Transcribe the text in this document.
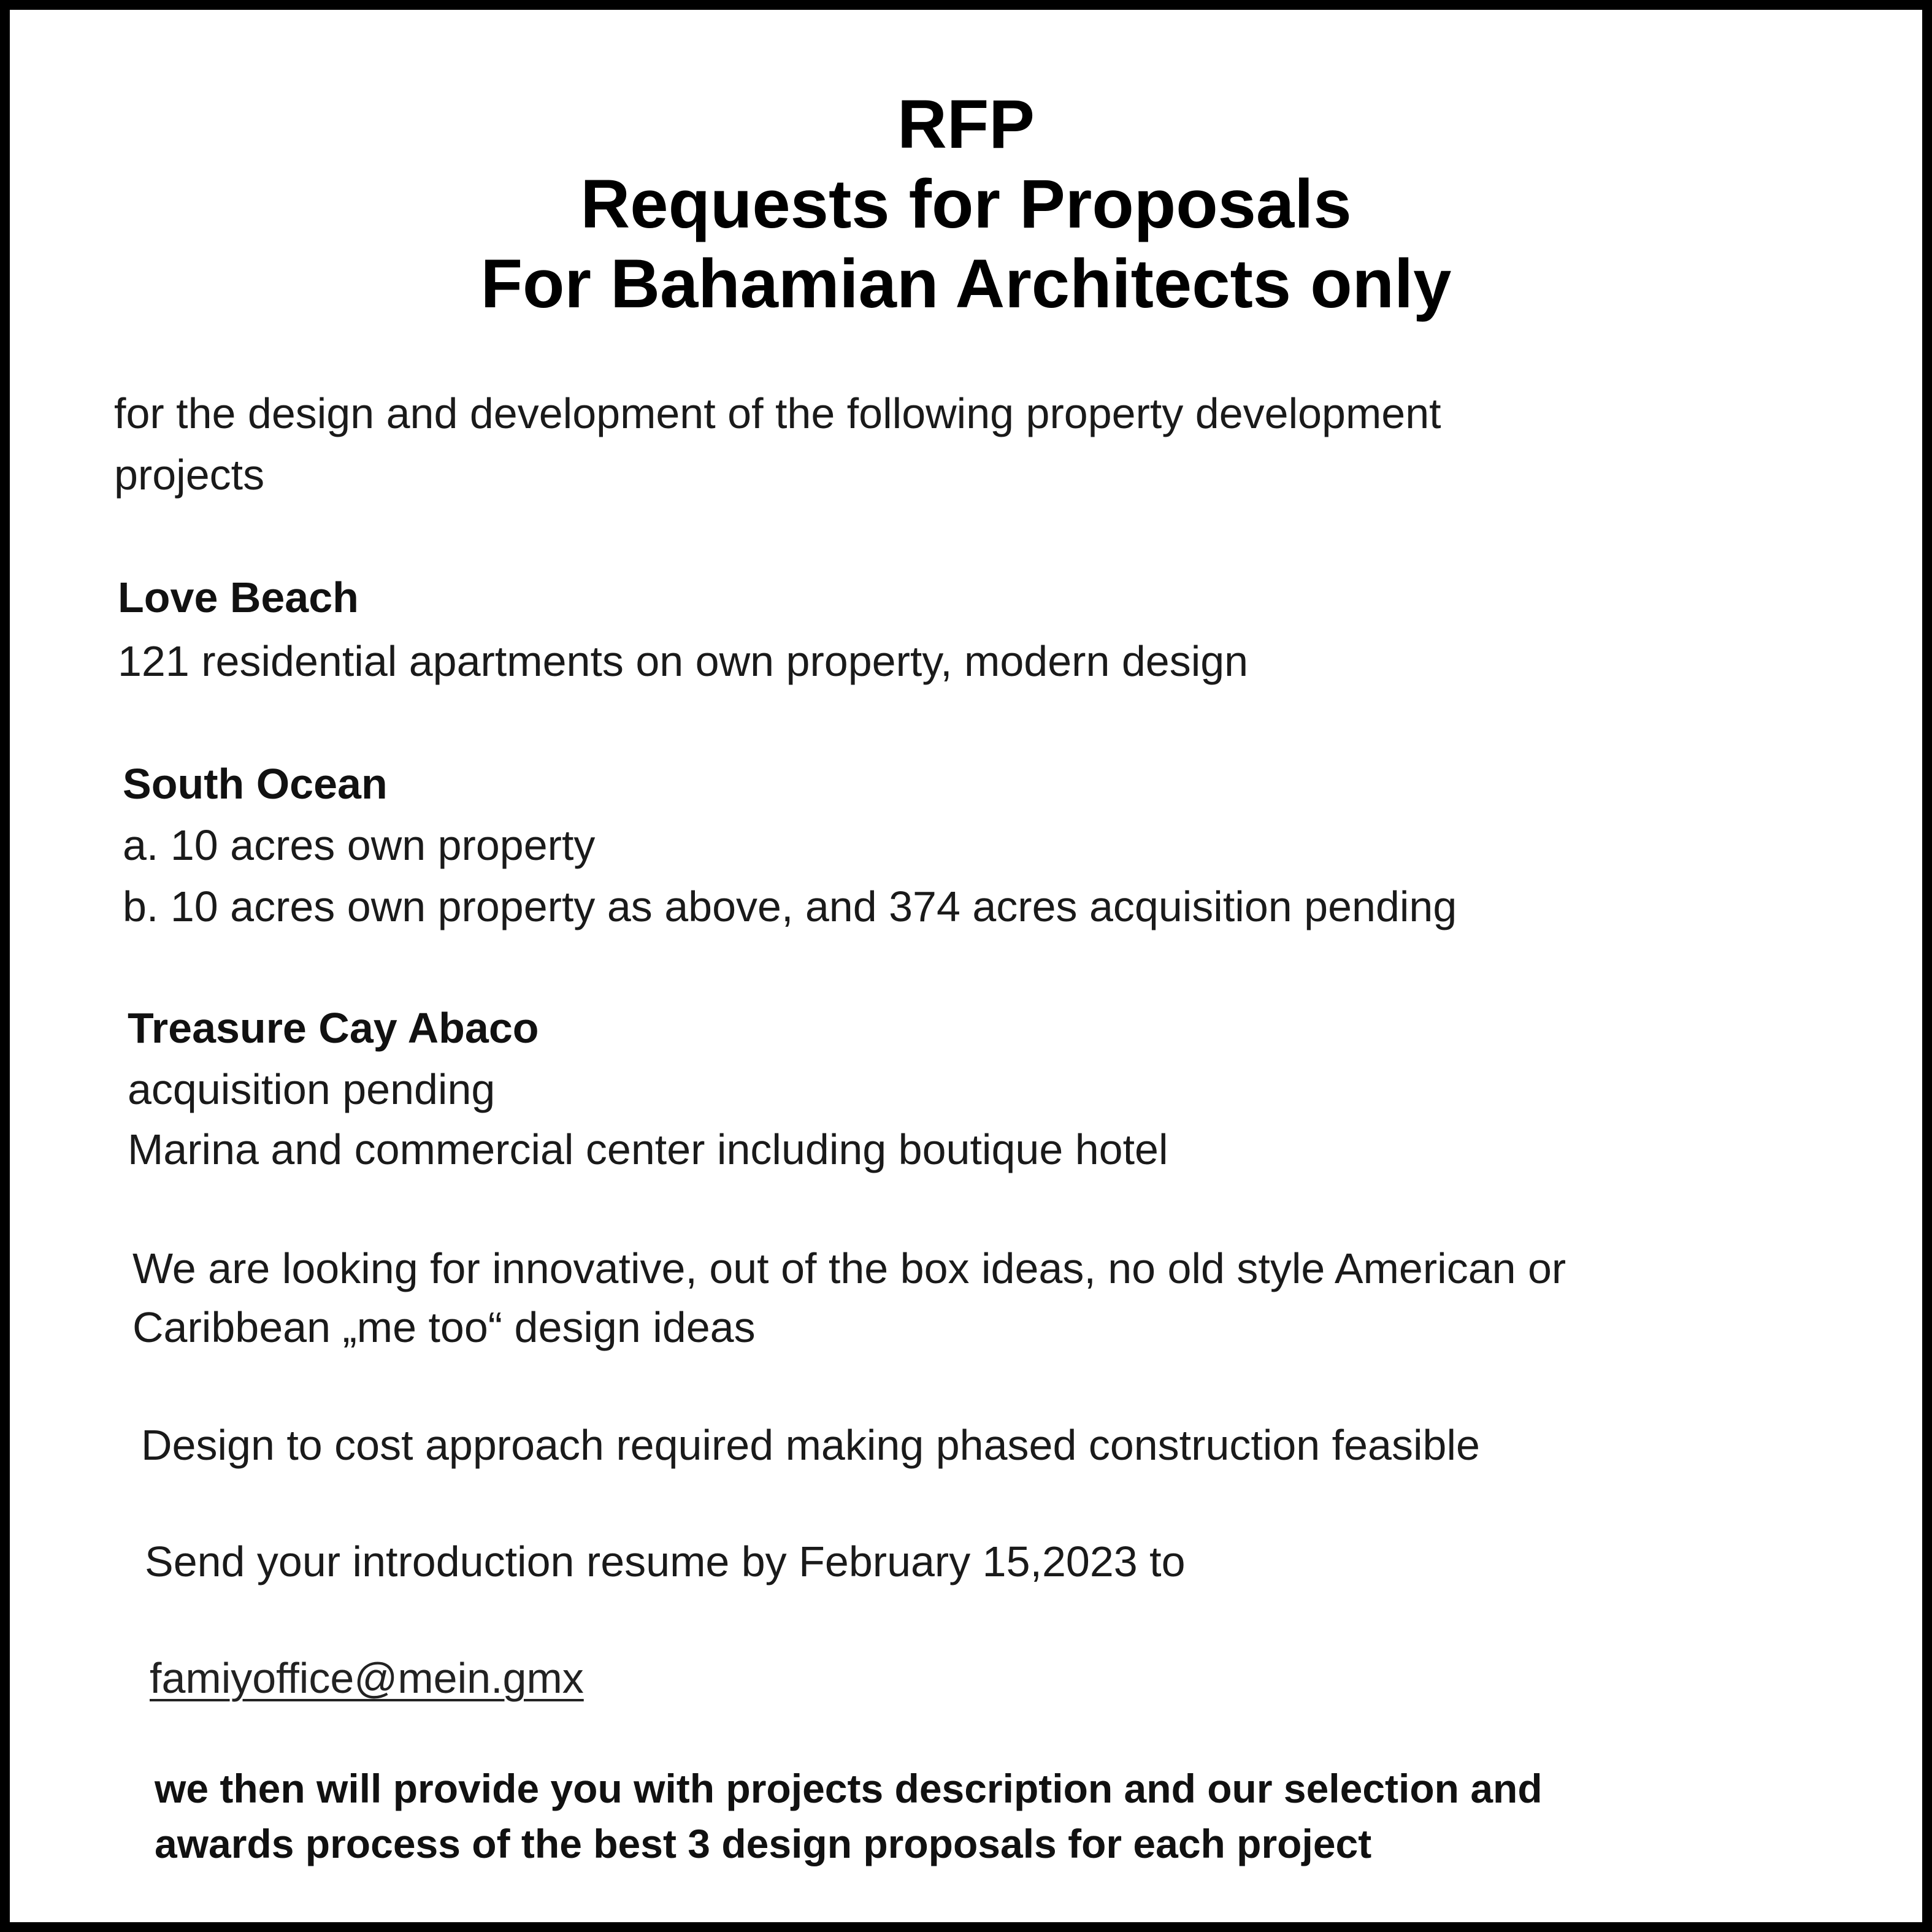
RFP
Requests for Proposals
For Bahamian Architects only
for the design and development of the following property development
projects
Love Beach
121 residential apartments on own property, modern design
South Ocean
a. 10 acres own property
b. 10 acres own property as above, and 374 acres acquisition pending
Treasure Cay Abaco
acquisition pending
Marina and commercial center including boutique hotel
We are looking for innovative, out of the box ideas, no old style American or
Caribbean „me too“ design ideas
Design to cost approach required making phased construction feasible
Send your introduction resume by February 15,2023 to
famiyoffice@mein.gmx
we then will provide you with projects description and our selection and
awards process of the best 3 design proposals for each project
